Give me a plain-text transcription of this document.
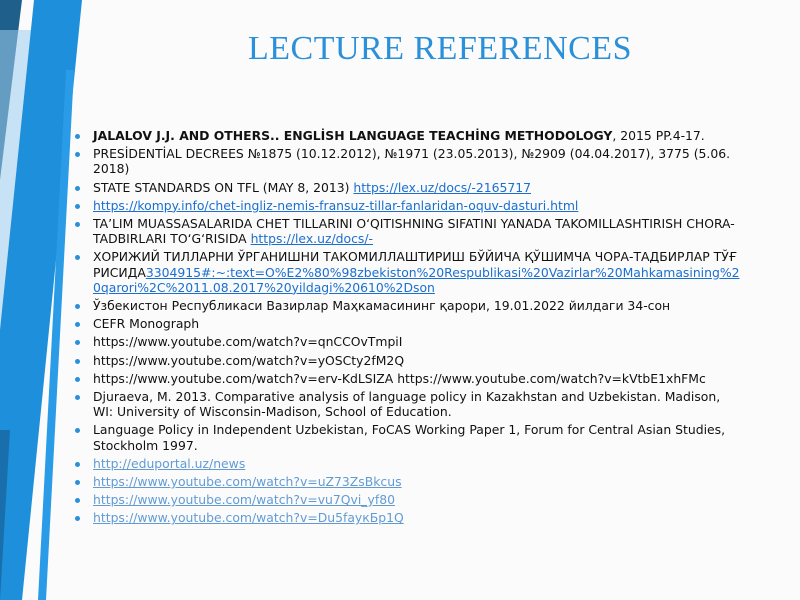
LECTURE REFERENCES
JALALOV J.J. AND OTHERS.. ENGLİSH LANGUAGE TEACHİNG METHODOLOGY, 2015 PP.4-17.
PRESİDENTİAL DECREES №1875 (10.12.2012), №1971 (23.05.2013), №2909 (04.04.2017), 3775 (5.06. 2018)
STATE STANDARDS ON TFL (MAY 8, 2013) https://lex.uz/docs/-2165717
https://kompy.info/chet-ingliz-nemis-fransuz-tillar-fanlaridan-oquv-dasturi.html
TA’LIM MUASSASALARIDA CHET TILLARINI O‘QITISHNING SIFATINI YANADA TAKOMILLASHTIRISH CHORA-TADBIRLARI TO‘G‘RISIDA https://lex.uz/docs/-
ХОРИЖИЙ ТИЛЛАРНИ ЎРГАНИШНИ ТАКОМИЛЛАШТИРИШ БЎЙИЧА ҚЎШИМЧА ЧОРА-ТАДБИРЛАР ТЎҒРИСИДА3304915#:~:text=O%E2%80%98zbekiston%20Respublikasi%20Vazirlar%20Mahkamasining%20qarori%2C%2011.08.2017%20yildagi%20610%2Dson
Ўзбекистон Республикаси Вазирлар Маҳкамасининг қарори, 19.01.2022 йилдаги 34-сон
CEFR Monograph
https://www.youtube.com/watch?v=qnCCOvTmpiI
https://www.youtube.com/watch?v=yOSCty2fM2Q
https://www.youtube.com/watch?v=erv-KdLSIZA https://www.youtube.com/watch?v=kVtbE1xhFMc
Djuraeva, M. 2013. Comparative analysis of language policy in Kazakhstan and Uzbekistan. Madison, WI: University of Wisconsin-Madison, School of Education.
Language Policy in Independent Uzbekistan, FoCAS Working Paper 1, Forum for Central Asian Studies, Stockholm 1997.
http://eduportal.uz/news
https://www.youtube.com/watch?v=uZ73ZsBkcus
https://www.youtube.com/watch?v=vu7Qvi_yf80
https://www.youtube.com/watch?v=Du5fаукБр1Q
